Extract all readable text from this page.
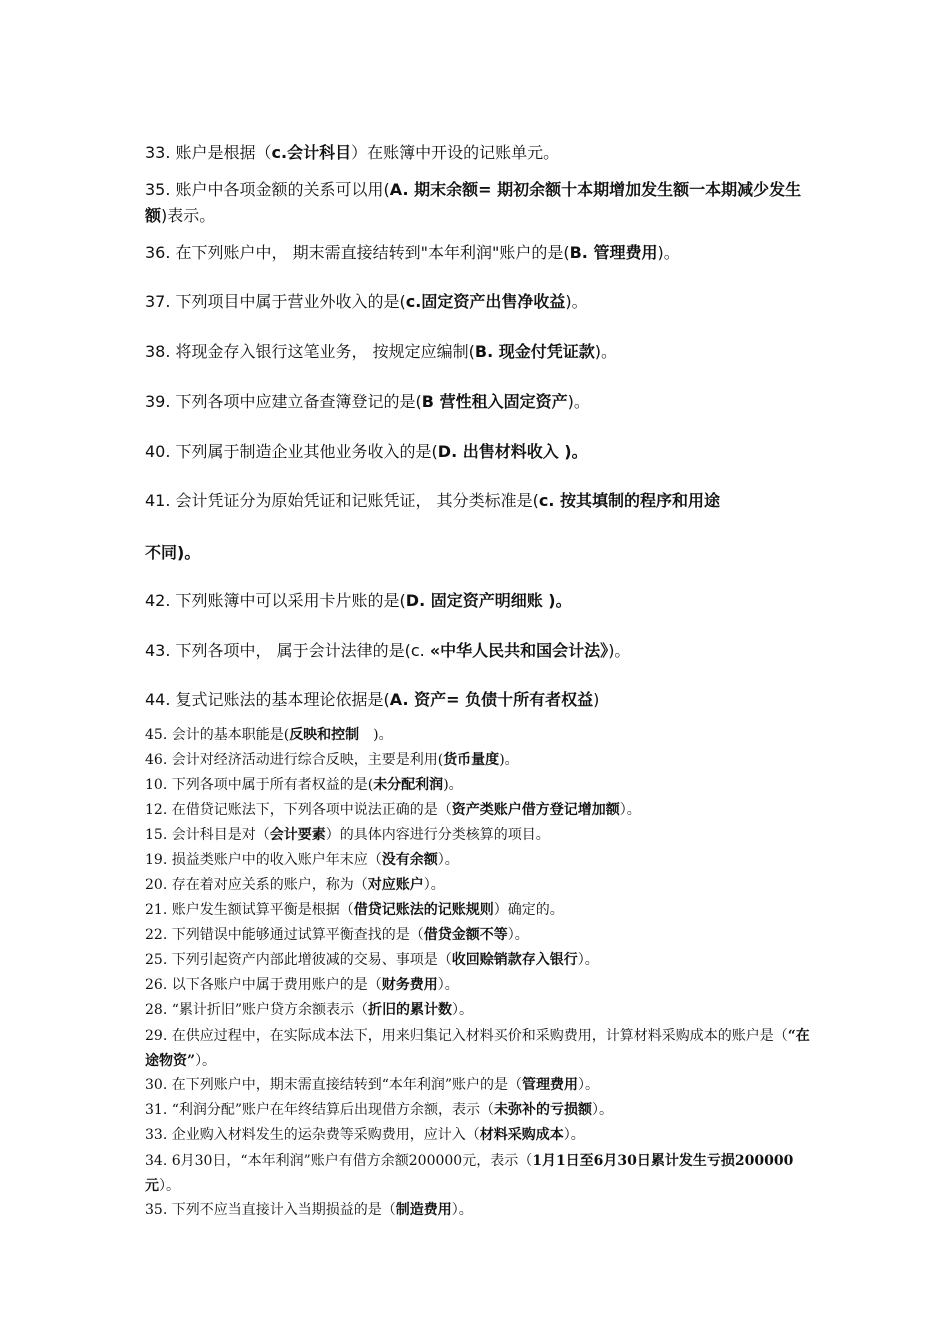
33. 账户是根据（c.会计科目）在账簿中开设的记账单元。
35. 账户中各项金额的关系可以用(A. 期末余额= 期初余额十本期增加发生额一本期减少发生额)表示。
36. 在下列账户中， 期末需直接结转到"本年利润"账户的是(B. 管理费用)。
37. 下列项目中属于营业外收入的是(c.固定资产出售净收益)。
38. 将现金存入银行这笔业务， 按规定应编制(B. 现金付凭证款)。
39. 下列各项中应建立备查簿登记的是(B 营性租入固定资产)。
40. 下列属于制造企业其他业务收入的是(D. 出售材料收入 )。
41. 会计凭证分为原始凭证和记账凭证， 其分类标准是(c. 按其填制的程序和用途
不同)。
42. 下列账簿中可以采用卡片账的是(D. 固定资产明细账 )。
43. 下列各项中， 属于会计法律的是(c. «中华人民共和国会计法》)。
44. 复式记账法的基本理论依据是(A. 资产= 负债十所有者权益)
45. 会计的基本职能是(反映和控制　)。
46. 会计对经济活动进行综合反映，主要是利用(货币量度)。
10. 下列各项中属于所有者权益的是(未分配利润)。
12. 在借贷记账法下，下列各项中说法正确的是（资产类账户借方登记增加额）。
15. 会计科目是对（会计要素）的具体内容进行分类核算的项目。
19. 损益类账户中的收入账户年末应（没有余额）。
20. 存在着对应关系的账户，称为（对应账户）。
21. 账户发生额试算平衡是根据（借贷记账法的记账规则）确定的。
22. 下列错误中能够通过试算平衡查找的是（借贷金额不等）。
25. 下列引起资产内部此增彼减的交易、事项是（收回赊销款存入银行）。
26. 以下各账户中属于费用账户的是（财务费用）。
28. “累计折旧”账户贷方余额表示（折旧的累计数）。
29. 在供应过程中，在实际成本法下，用来归集记入材料买价和采购费用，计算材料采购成本的账户是（“在途物资”）。
30. 在下列账户中，期末需直接结转到“本年利润”账户的是（管理费用）。
31. “利润分配”账户在年终结算后出现借方余额，表示（未弥补的亏损额）。
33. 企业购入材料发生的运杂费等采购费用，应计入（材料采购成本）。
34. 6月30日，“本年利润”账户有借方余额200000元，表示（1月1日至6月30日累计发生亏损200000元）。
35. 下列不应当直接计入当期损益的是（制造费用）。
